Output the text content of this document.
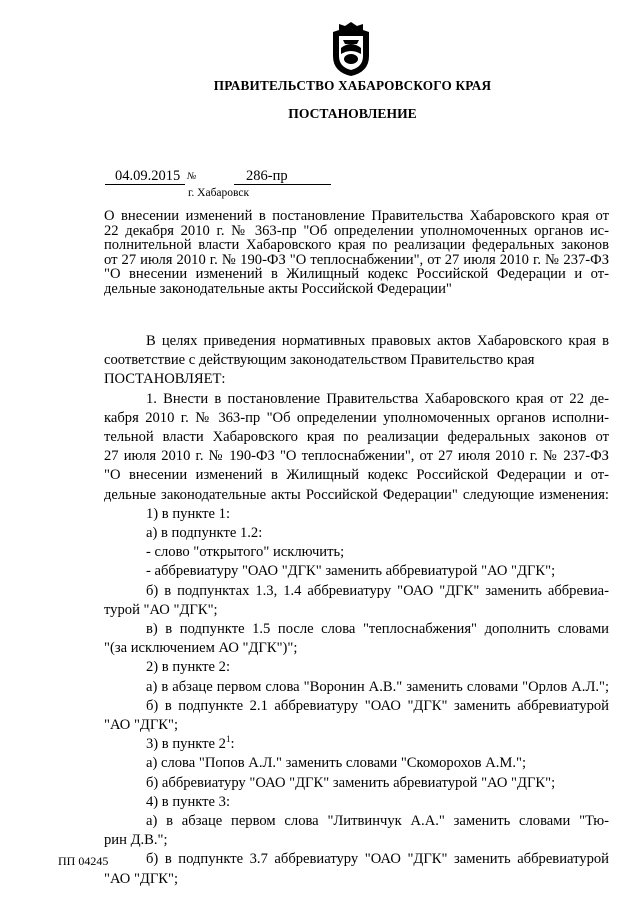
ПРАВИТЕЛЬСТВО ХАБАРОВСКОГО КРАЯ
ПОСТАНОВЛЕНИЕ
04.09.2015 №	286-пр
г. Хабаровск
О внесении изменений в постановление Правительства Хабаровского края от
22 декабря 2010 г. № 363-пр "Об определении уполномоченных органов ис-
полнительной власти Хабаровского края по реализации федеральных законов
от 27 июля 2010 г. № 190-ФЗ "О теплоснабжении", от 27 июля 2010 г. № 237-ФЗ
"О внесении изменений в Жилищный кодекс Российской Федерации и от-
дельные законодательные акты Российской Федерации"
В целях приведения нормативных правовых актов Хабаровского края в
соответствие с действующим законодательством Правительство края
ПОСТАНОВЛЯЕТ:
1. Внести в постановление Правительства Хабаровского края от 22 де-
кабря 2010 г. № 363-пр "Об определении уполномоченных органов исполни-
тельной власти Хабаровского края по реализации федеральных законов от
27 июля 2010 г. № 190-ФЗ "О теплоснабжении", от 27 июля 2010 г. № 237-ФЗ
"О внесении изменений в Жилищный кодекс Российской Федерации и от-
дельные законодательные акты Российской Федерации" следующие изменения:
1) в пункте 1:
а) в подпункте 1.2:
- слово "открытого" исключить;
- аббревиатуру "ОАО "ДГК" заменить аббревиатурой "АО "ДГК";
б) в подпунктах 1.3, 1.4 аббревиатуру "ОАО "ДГК" заменить аббревиа-
турой "АО "ДГК";
в) в подпункте 1.5 после слова "теплоснабжения" дополнить словами
"(за исключением АО "ДГК")";
2) в пункте 2:
а) в абзаце первом слова "Воронин А.В." заменить словами "Орлов А.Л.";
б) в подпункте 2.1 аббревиатуру "ОАО "ДГК" заменить аббревиатурой
"АО "ДГК";
3) в пункте $2^1$:
а) слова "Попов А.Л." заменить словами "Скоморохов А.М.";
б) аббревиатуру "ОАО "ДГК" заменить абревиатурой "АО "ДГК";
4) в пункте 3:
а) в абзаце первом слова "Литвинчук А.А." заменить словами "Тю-
рин Д.В.";
б) в подпункте 3.7 аббревиатуру "ОАО "ДГК" заменить аббревиатурой
"АО "ДГК";
ПП 04245
